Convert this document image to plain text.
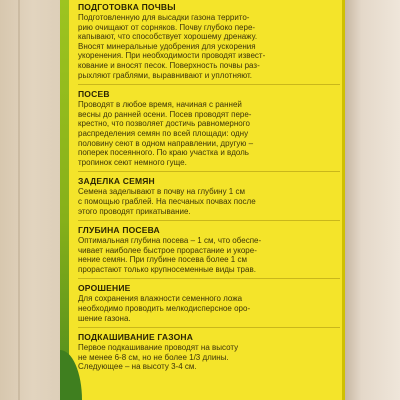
ПОДГОТОВКА ПОЧВЫ
Подготовленную для высадки газона террито-
рию очищают от сорняков. Почву глубоко пере-
капывают, что способствует хорошему дренажу.
Вносят минеральные удобрения для ускорения
укоренения. При необходимости проводят извест-
кование и вносят песок. Поверхность почвы раз-
рыхляют граблями, выравнивают и уплотняют.
ПОСЕВ
Проводят в любое время, начиная с ранней
весны до ранней осени. Посев проводят пере-
крестно, что позволяет достичь равномерного
распределения семян по всей площади: одну
половину сеют в одном направлении, другую –
поперек посеянного. По краю участка и вдоль
тропинок сеют немного гуще.
ЗАДЕЛКА СЕМЯН
Семена заделывают в почву на глубину 1 см
с помощью граблей. На песчаных почвах после
этого проводят прикатывание.
ГЛУБИНА ПОСЕВА
Оптимальная глубина посева – 1 см, что обеспе-
чивает наиболее быстрое прорастание и укоре-
нение семян. При глубине посева более 1 см
прорастают только крупносеменные виды трав.
ОРОШЕНИЕ
Для сохранения влажности семенного ложа
необходимо проводить мелкодисперсное оро-
шение газона.
ПОДКАШИВАНИЕ ГАЗОНА
Первое подкашивание проводят на высоту
не менее 6-8 см, но не более 1/3 длины.
Следующее – на высоту 3-4 см.
